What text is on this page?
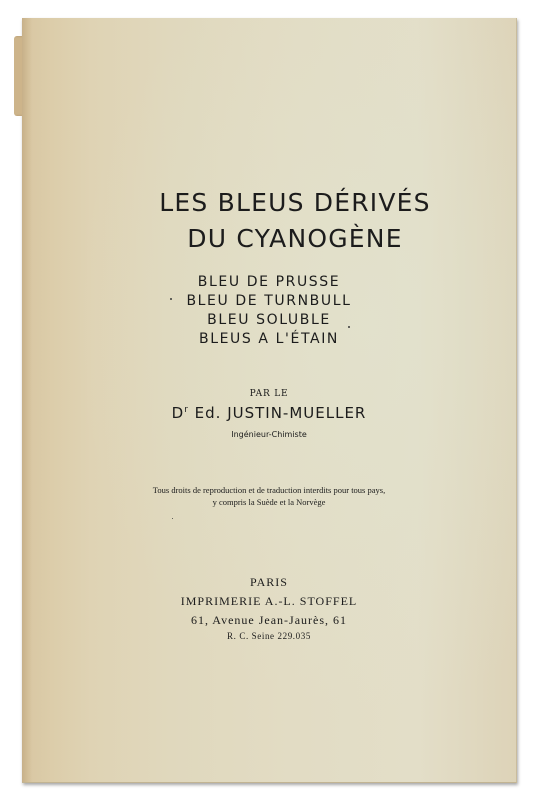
LES BLEUS DÉRIVÉS

DU CYANOGÈNE

BLEU DE PRUSSE

BLEU DE TURNBULL

BLEU SOLUBLE

BLEUS A L'ÉTAIN

PAR LE

$D^r$ Ed. JUSTIN-MUELLER

Ingénieur-Chimiste

Tous droits de reproduction et de traduction interdits pour tous pays,

y compris la Suède et la Norvège

PARIS

IMPRIMERIE A.-L. STOFFEL

61, Avenue Jean-Jaurès, 61

R. C. Seine 229.035
